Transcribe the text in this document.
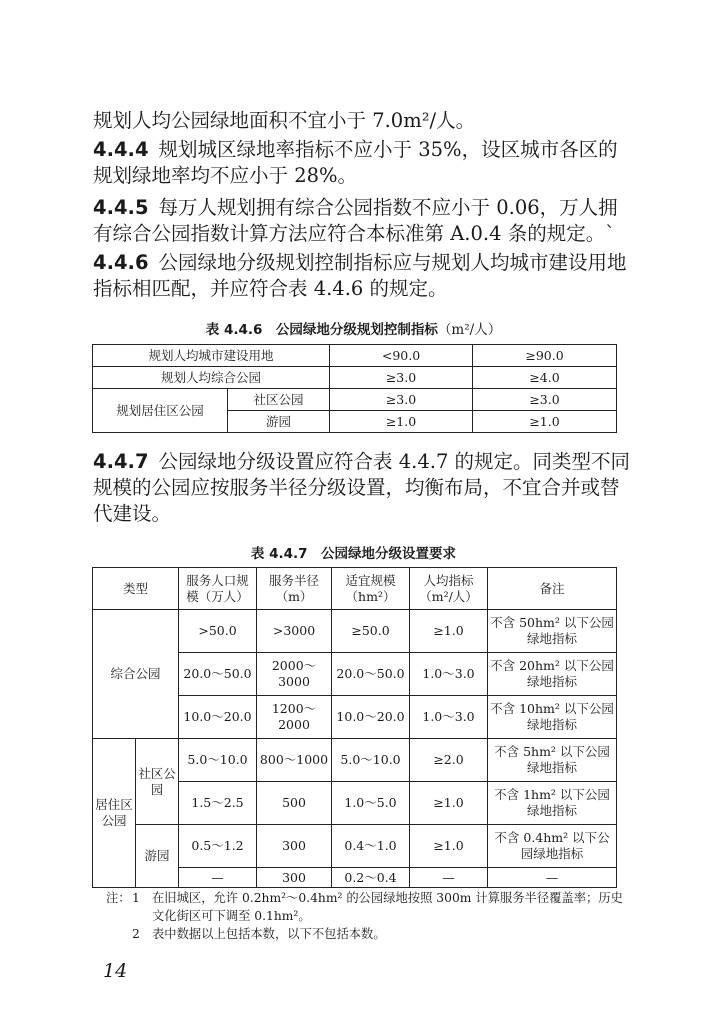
规划人均公园绿地面积不宜小于 7.0m²/人。
4.4.4 规划城区绿地率指标不应小于 35%，设区城市各区的规划绿地率均不应小于 28%。
4.4.5 每万人规划拥有综合公园指数不应小于 0.06，万人拥有综合公园指数计算方法应符合本标准第 A.0.4 条的规定。`
4.4.6 公园绿地分级规划控制指标应与规划人均城市建设用地指标相匹配，并应符合表 4.4.6 的规定。
表 4.4.6　公园绿地分级规划控制指标（m²/人）
规划人均城市建设用地		<90.0	≥90.0
规划人均综合公园		≥3.0	≥4.0
规划居住区公园	社区公园	≥3.0	≥3.0
	游园	≥1.0	≥1.0
4.4.7 公园绿地分级设置应符合表 4.4.7 的规定。同类型不同规模的公园应按服务半径分级设置，均衡布局，不宜合并或替代建设。
表 4.4.7　公园绿地分级设置要求
类型		服务人口规模（万人）	服务半径（m）	适宜规模（hm²）	人均指标（m²/人）	备注
综合公园		>50.0	>3000	≥50.0	≥1.0	不含 50hm² 以下公园绿地指标
		20.0～50.0	2000～3000	20.0～50.0	1.0～3.0	不含 20hm² 以下公园绿地指标
		10.0～20.0	1200～2000	10.0～20.0	1.0～3.0	不含 10hm² 以下公园绿地指标
居住区公园	社区公园	5.0～10.0	800～1000	5.0～10.0	≥2.0	不含 5hm² 以下公园绿地指标
		1.5～2.5	500	1.0～5.0	≥1.0	不含 1hm² 以下公园绿地指标
	游园	0.5～1.2	300	0.4～1.0	≥1.0	不含 0.4hm² 以下公园绿地指标
		—	300	0.2～0.4	—	—
注： 1 在旧城区，允许 0.2hm²～0.4hm² 的公园绿地按照 300m 计算服务半径覆盖率；历史文化街区可下调至 0.1hm²。
2 表中数据以上包括本数，以下不包括本数。
14
